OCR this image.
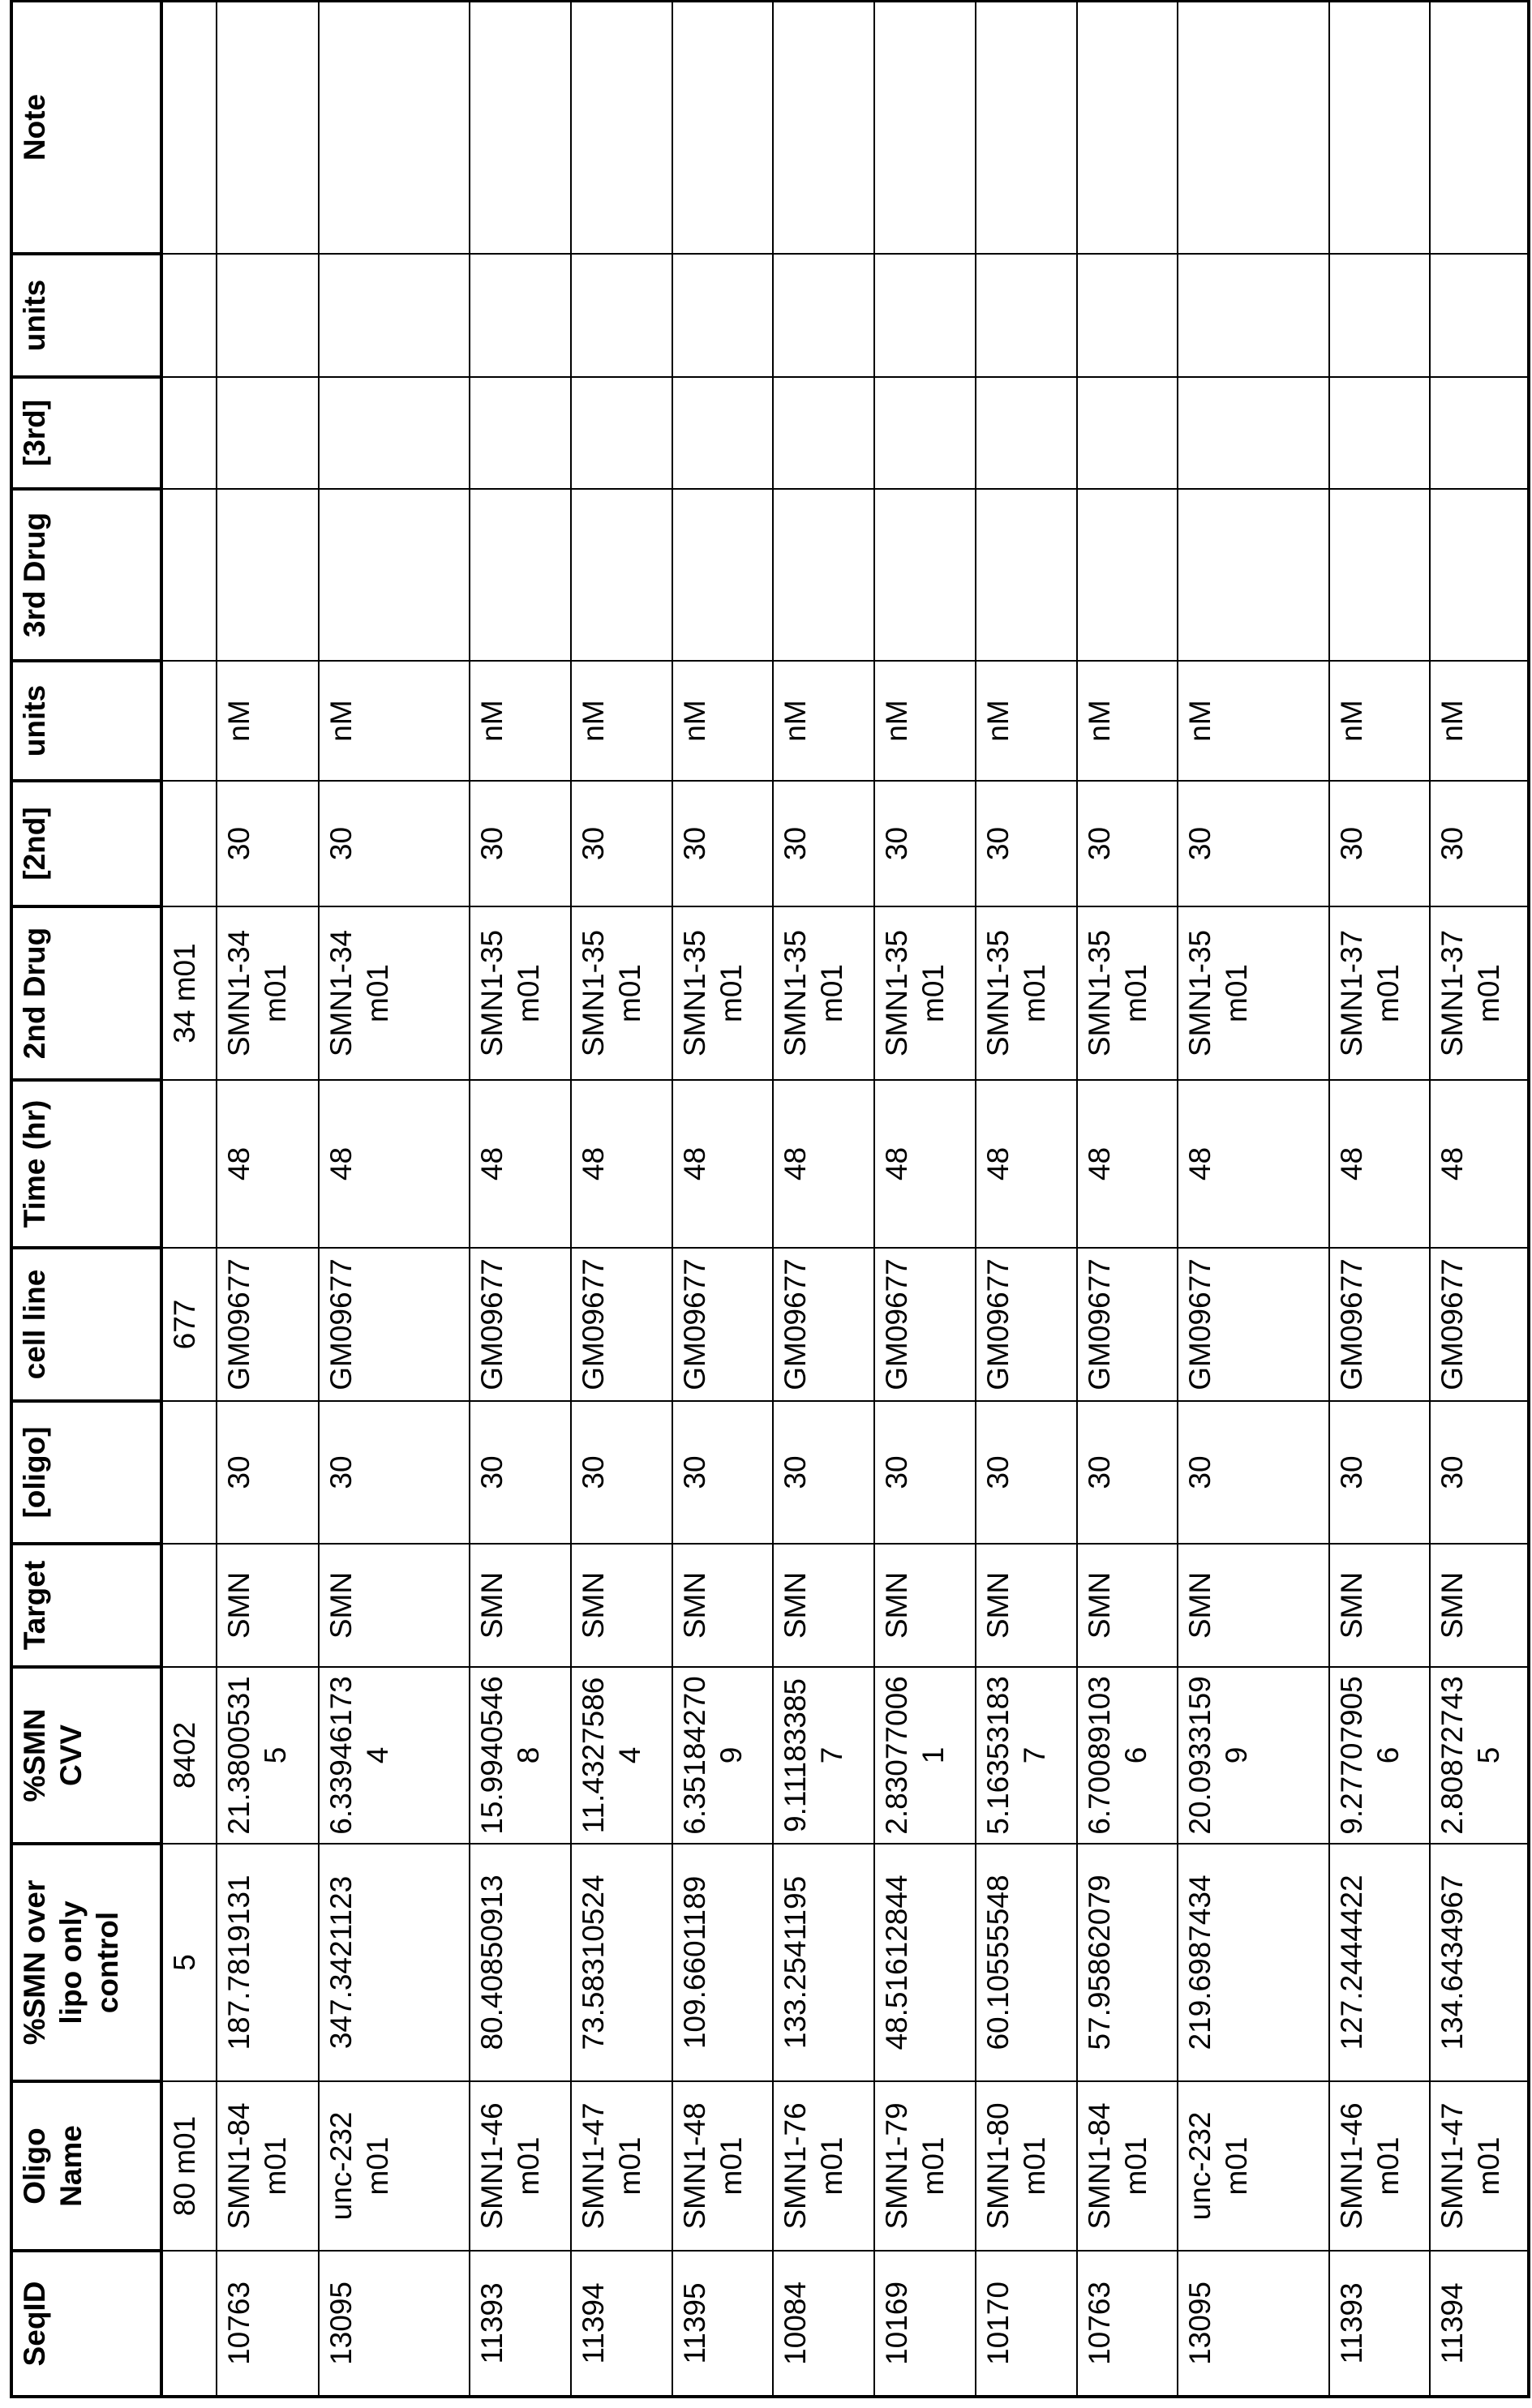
SeqID	Oligo Name	%SMN over lipo only control	%SMN CVV	Target	[oligo]	cell line	Time (hr)	2nd Drug	[2nd]	units	3rd Drug	[3rd]	units	Note
	80 m01	5	8402			677		34 m01						
10763	SMN1-84 m01	187.7819131	21.38005315	SMN	30	GM09677	48	SMN1-34 m01	30	nM				
13095	unc-232 m01	347.3421123	6.339461734	SMN	30	GM09677	48	SMN1-34 m01	30	nM				
11393	SMN1-46 m01	80.40850913	15.99405468	SMN	30	GM09677	48	SMN1-35 m01	30	nM				
11394	SMN1-47 m01	73.58310524	11.43275864	SMN	30	GM09677	48	SMN1-35 m01	30	nM				
11395	SMN1-48 m01	109.6601189	6.351842709	SMN	30	GM09677	48	SMN1-35 m01	30	nM				
10084	SMN1-76 m01	133.2541195	9.111833857	SMN	30	GM09677	48	SMN1-35 m01	30	nM				
10169	SMN1-79 m01	48.51612844	2.830770061	SMN	30	GM09677	48	SMN1-35 m01	30	nM				
10170	SMN1-80 m01	60.10555548	5.163531837	SMN	30	GM09677	48	SMN1-35 m01	30	nM				
10763	SMN1-84 m01	57.95862079	6.700891036	SMN	30	GM09677	48	SMN1-35 m01	30	nM				
13095	unc-232 m01	219.6987434	20.09331599	SMN	30	GM09677	48	SMN1-35 m01	30	nM				
11393	SMN1-46 m01	127.2444422	9.277079056	SMN	30	GM09677	48	SMN1-37 m01	30	nM				
11394	SMN1-47 m01	134.6434967	2.808727435	SMN	30	GM09677	48	SMN1-37 m01	30	nM				
